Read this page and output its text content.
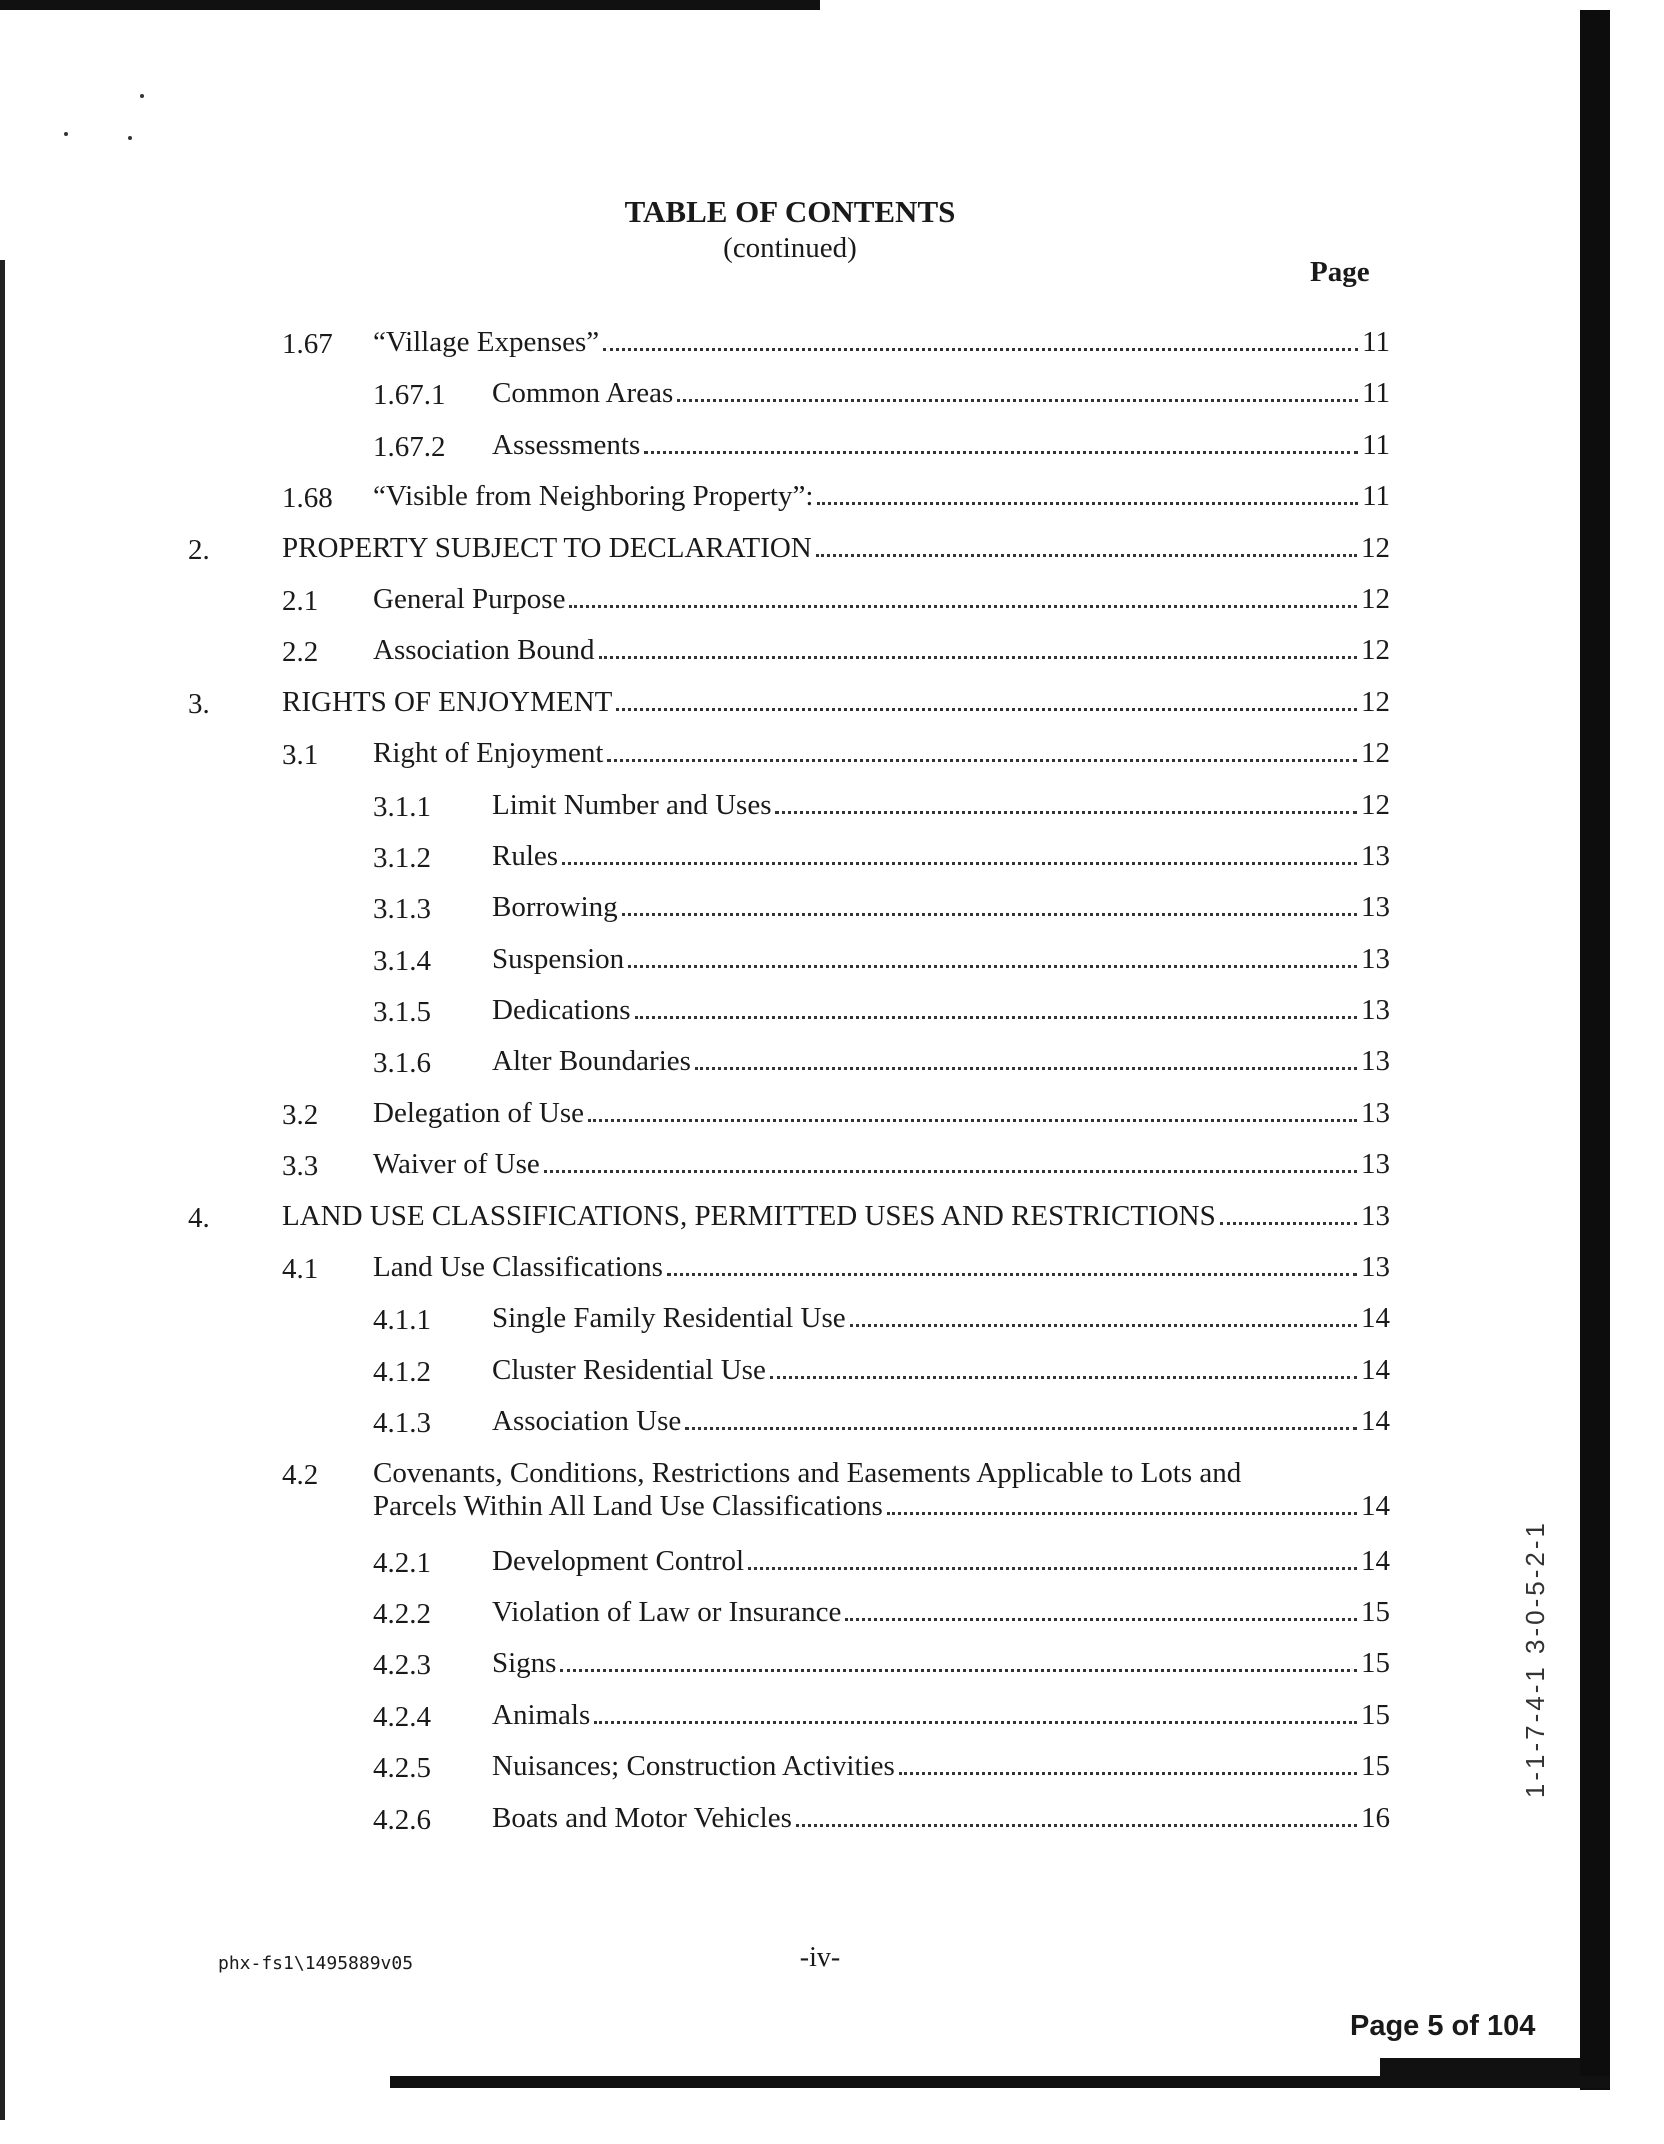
TABLE OF CONTENTS
(continued)
Page
1.67 “Village Expenses”	11
1.67.1 Common Areas	11
1.67.2 Assessments	11
1.68 “Visible from Neighboring Property”:	11
2. PROPERTY SUBJECT TO DECLARATION	12
2.1 General Purpose	12
2.2 Association Bound	12
3. RIGHTS OF ENJOYMENT	12
3.1 Right of Enjoyment	12
3.1.1 Limit Number and Uses	12
3.1.2 Rules	13
3.1.3 Borrowing	13
3.1.4 Suspension	13
3.1.5 Dedications	13
3.1.6 Alter Boundaries	13
3.2 Delegation of Use	13
3.3 Waiver of Use	13
4. LAND USE CLASSIFICATIONS, PERMITTED USES AND RESTRICTIONS	13
4.1 Land Use Classifications	13
4.1.1 Single Family Residential Use	14
4.1.2 Cluster Residential Use	14
4.1.3 Association Use	14
4.2 Covenants, Conditions, Restrictions and Easements Applicable to Lots and
Parcels Within All Land Use Classifications	14
4.2.1 Development Control	14
4.2.2 Violation of Law or Insurance	15
4.2.3 Signs	15
4.2.4 Animals	15
4.2.5 Nuisances; Construction Activities	15
4.2.6 Boats and Motor Vehicles	16
phx-fs1\1495889v05	-iv-
Page 5 of 104
1-1-7-4-1 3-0-5-2-1
